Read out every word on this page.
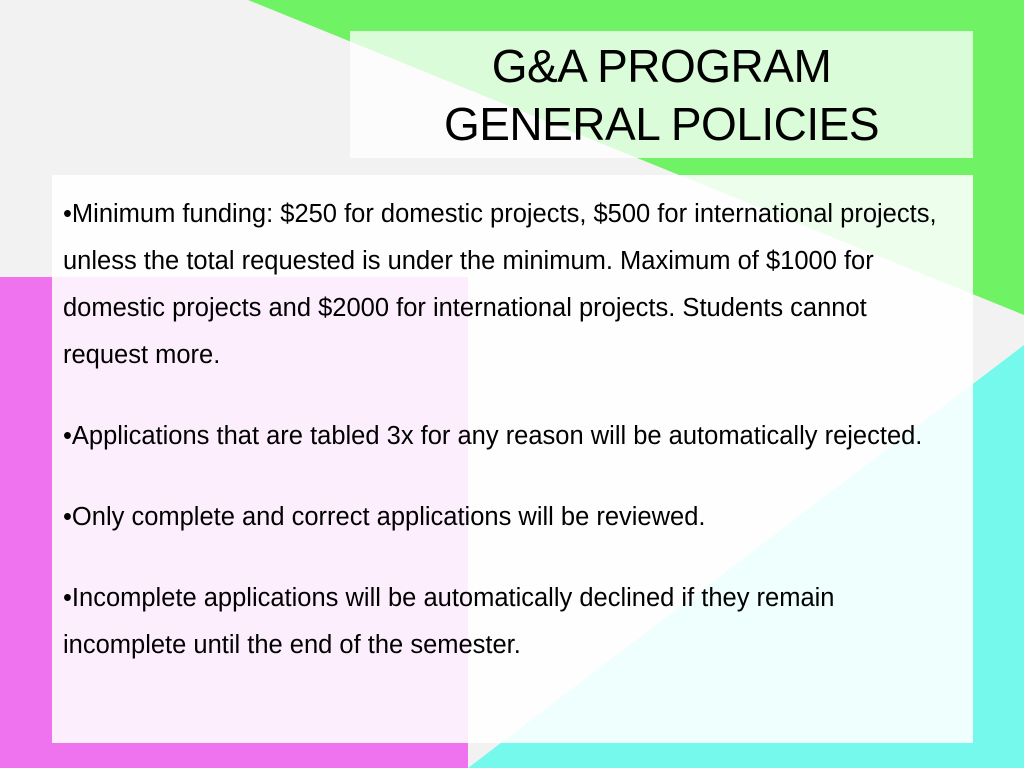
G&A PROGRAM
GENERAL POLICIES

•Minimum funding: $250 for domestic projects, $500 for international projects, unless the total requested is under the minimum. Maximum of $1000 for domestic projects and $2000 for international projects. Students cannot request more.

•Applications that are tabled 3x for any reason will be automatically rejected.

•Only complete and correct applications will be reviewed.

•Incomplete applications will be automatically declined if they remain incomplete until the end of the semester.
